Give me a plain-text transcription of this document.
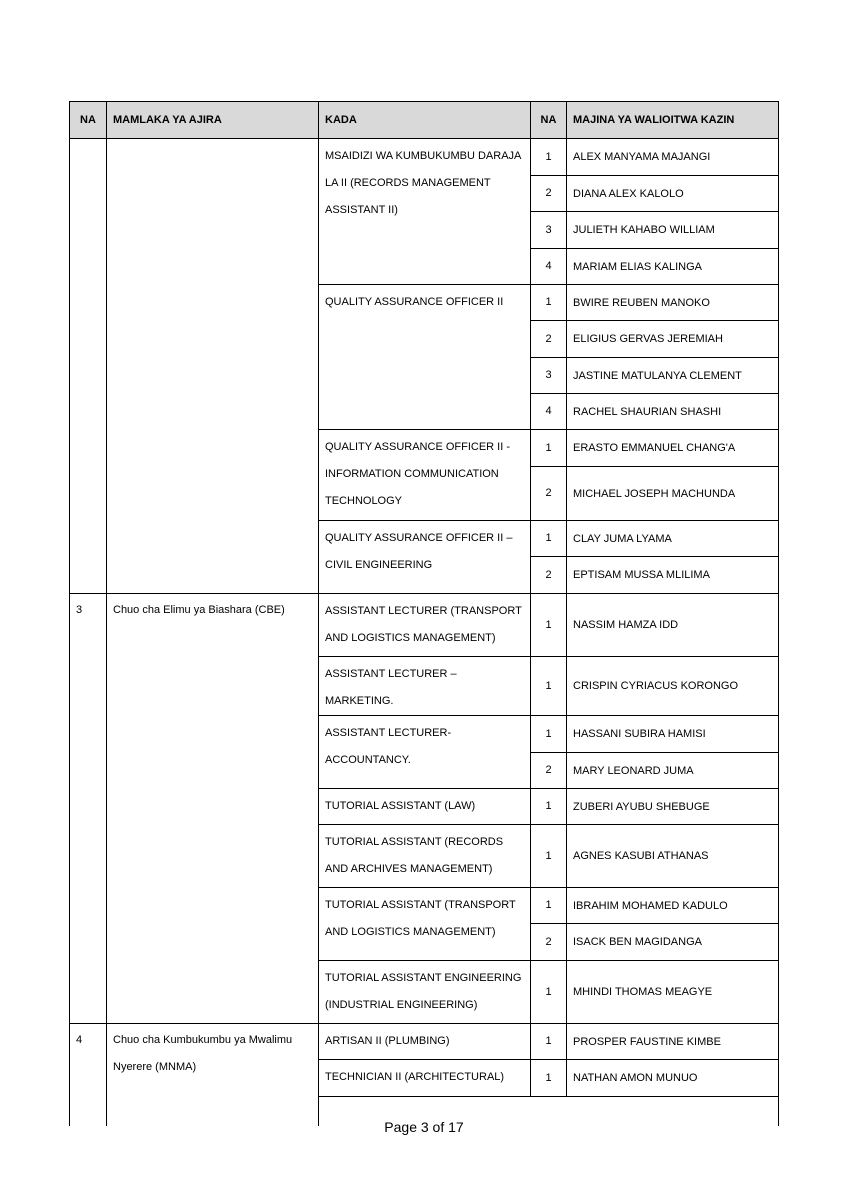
NA	MAMLAKA YA AJIRA	KADA	NA	MAJINA YA WALIOITWA KAZIN
		MSAIDIZI WA KUMBUKUMBU DARAJA LA II (RECORDS MANAGEMENT ASSISTANT II)	1	ALEX MANYAMA MAJANGI
			2	DIANA ALEX KALOLO
			3	JULIETH KAHABO WILLIAM
			4	MARIAM ELIAS KALINGA
		QUALITY ASSURANCE OFFICER II	1	BWIRE REUBEN MANOKO
			2	ELIGIUS GERVAS JEREMIAH
			3	JASTINE MATULANYA CLEMENT
			4	RACHEL SHAURIAN SHASHI
		QUALITY ASSURANCE OFFICER II - INFORMATION COMMUNICATION TECHNOLOGY	1	ERASTO EMMANUEL CHANG'A
			2	MICHAEL JOSEPH MACHUNDA
		QUALITY ASSURANCE OFFICER II – CIVIL ENGINEERING	1	CLAY JUMA LYAMA
			2	EPTISAM MUSSA MLILIMA
3	Chuo cha Elimu ya Biashara (CBE)	ASSISTANT LECTURER (TRANSPORT AND LOGISTICS MANAGEMENT)	1	NASSIM HAMZA IDD
		ASSISTANT LECTURER – MARKETING.	1	CRISPIN CYRIACUS KORONGO
		ASSISTANT LECTURER-ACCOUNTANCY.	1	HASSANI SUBIRA HAMISI
			2	MARY LEONARD JUMA
		TUTORIAL ASSISTANT (LAW)	1	ZUBERI AYUBU SHEBUGE
		TUTORIAL ASSISTANT (RECORDS AND ARCHIVES MANAGEMENT)	1	AGNES KASUBI ATHANAS
		TUTORIAL ASSISTANT (TRANSPORT AND LOGISTICS MANAGEMENT)	1	IBRAHIM MOHAMED KADULO
			2	ISACK BEN MAGIDANGA
		TUTORIAL ASSISTANT ENGINEERING (INDUSTRIAL ENGINEERING)	1	MHINDI THOMAS MEAGYE
4	Chuo cha Kumbukumbu ya Mwalimu Nyerere (MNMA)	ARTISAN II (PLUMBING)	1	PROSPER FAUSTINE KIMBE
		TECHNICIAN II (ARCHITECTURAL)	1	NATHAN AMON MUNUO

Page 3 of 17
